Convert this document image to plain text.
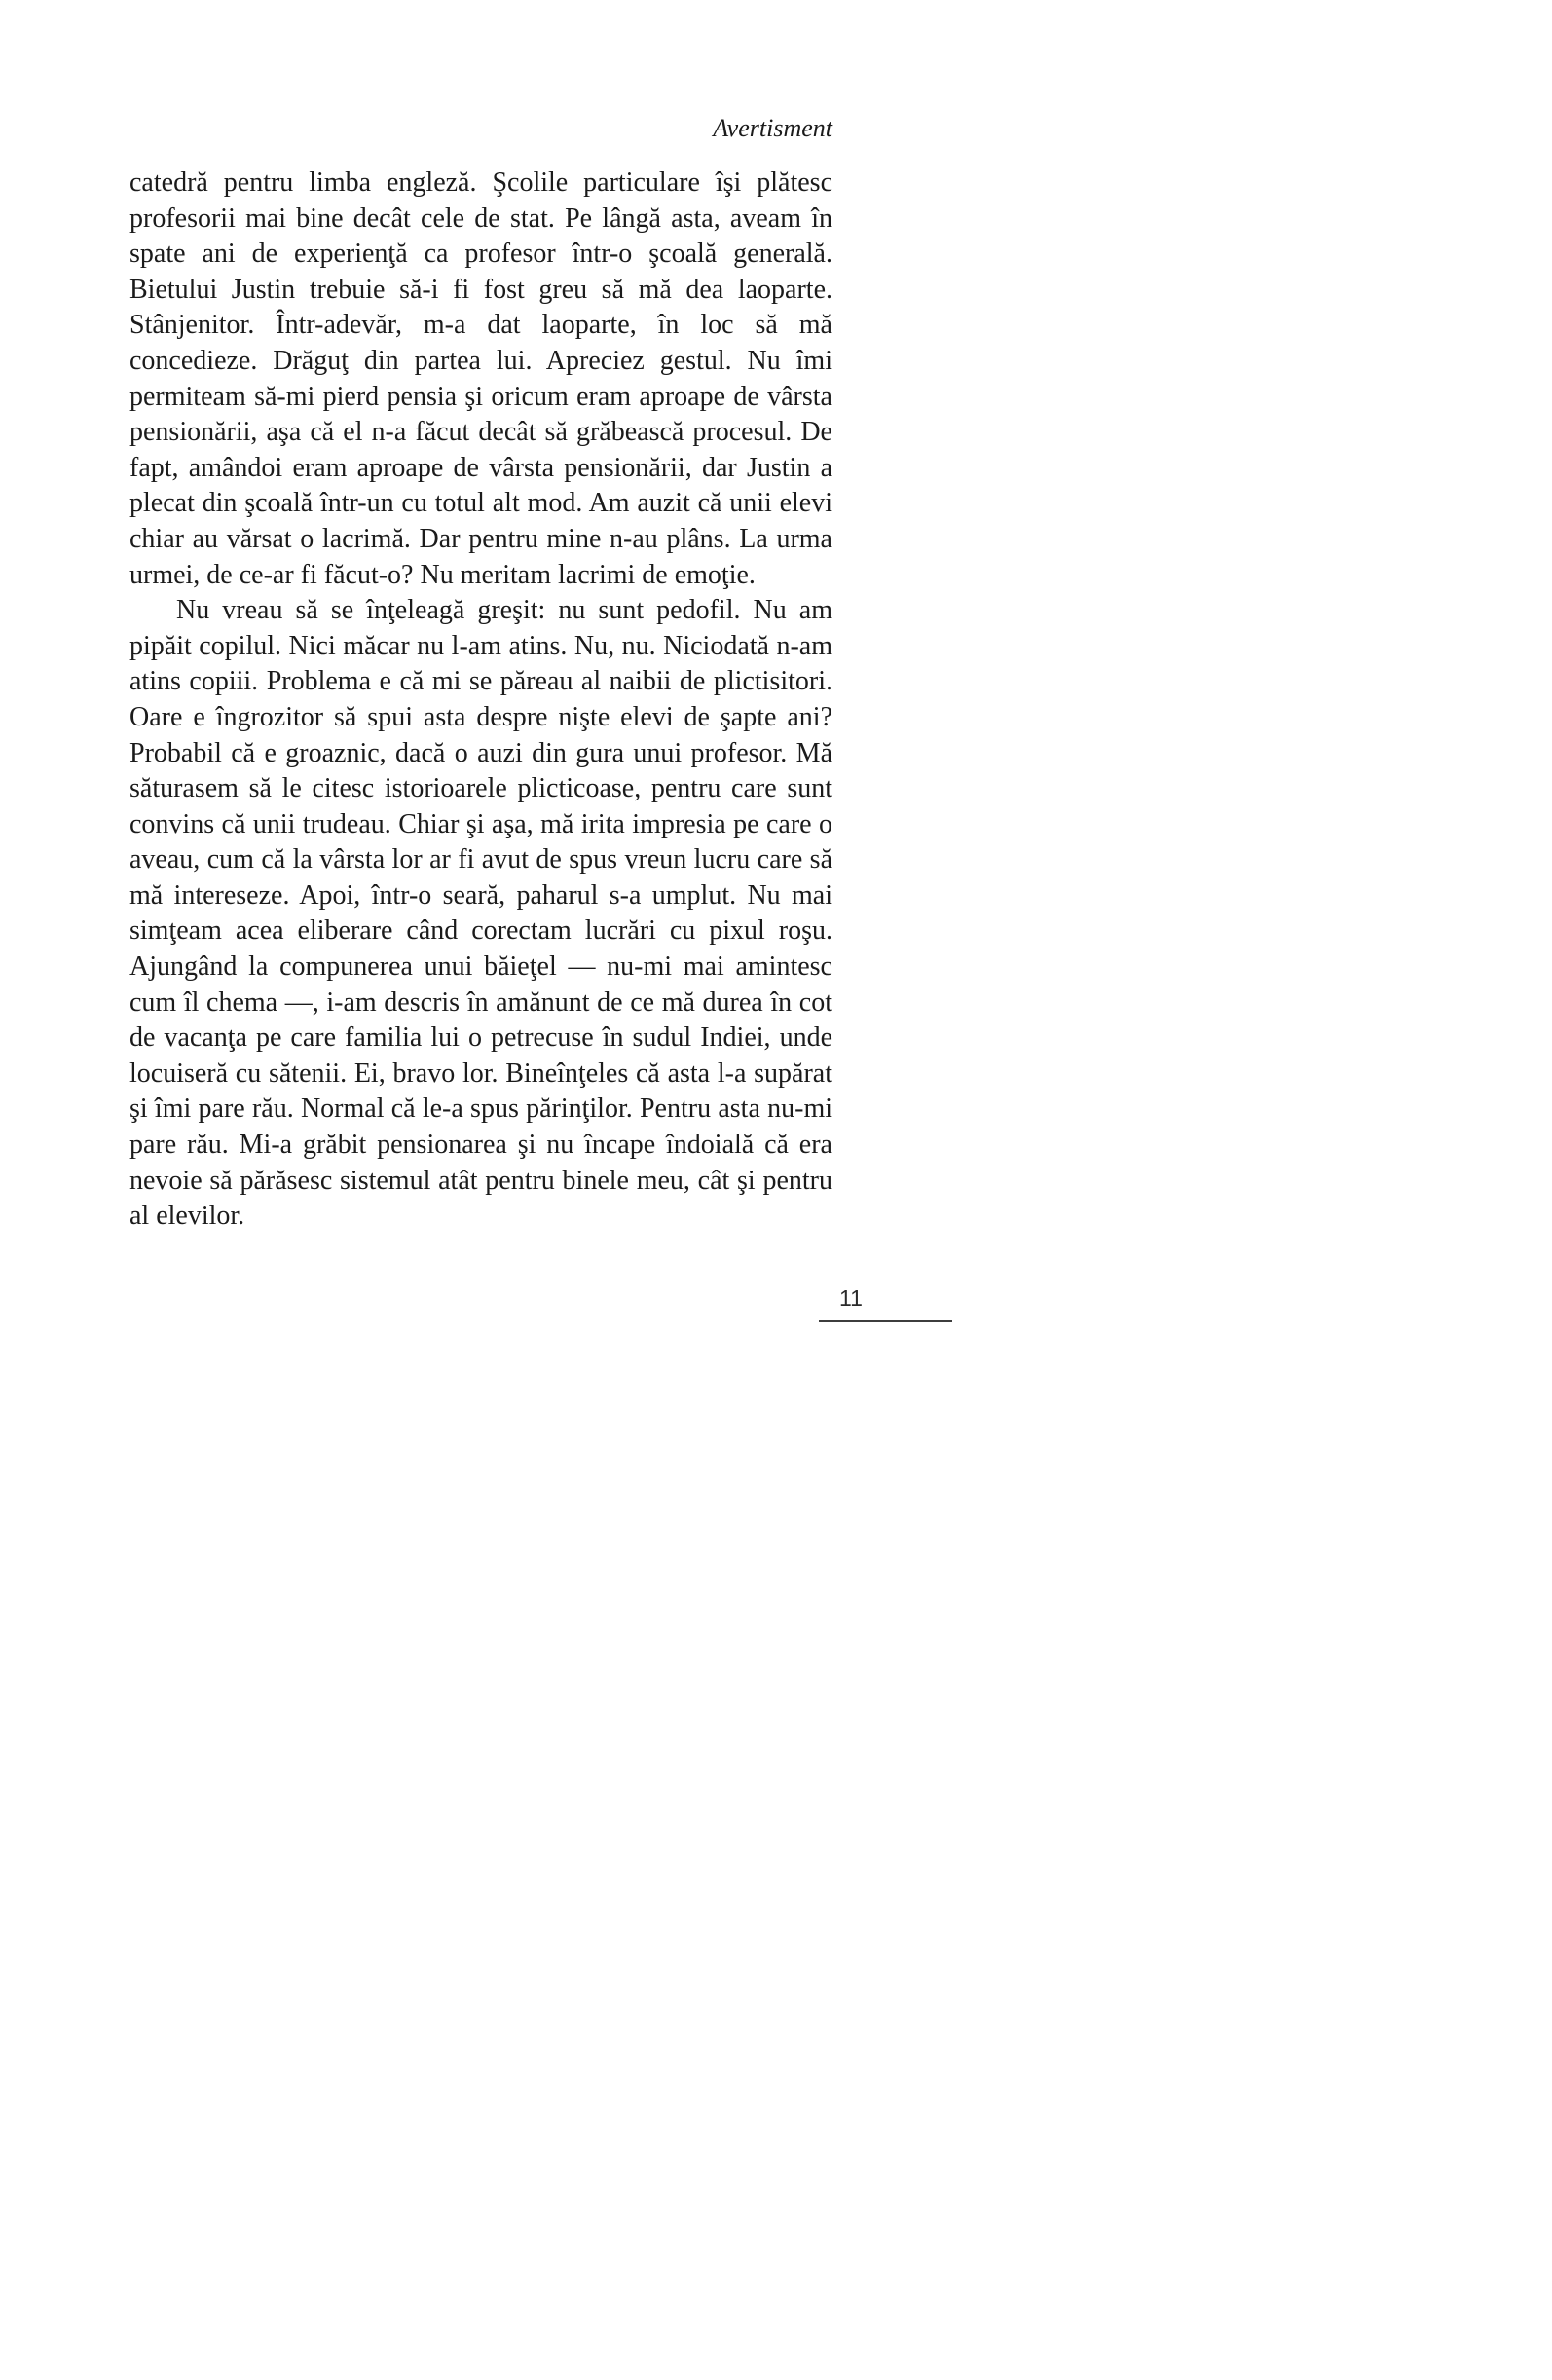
Avertisment

catedră pentru limba engleză. Şcolile particulare îşi plătesc profesorii mai bine decât cele de stat. Pe lângă asta, aveam în spate ani de experienţă ca profesor într-o şcoală generală. Bietului Justin trebuie să-i fi fost greu să mă dea laoparte. Stânjenitor. Într-adevăr, m-a dat laoparte, în loc să mă concedieze. Drăguţ din partea lui. Apreciez gestul. Nu îmi permiteam să-mi pierd pensia şi oricum eram aproape de vârsta pensionării, aşa că el n-a făcut decât să grăbească procesul. De fapt, amândoi eram aproape de vârsta pensionării, dar Justin a plecat din şcoală într-un cu totul alt mod. Am auzit că unii elevi chiar au vărsat o lacrimă. Dar pentru mine n-au plâns. La urma urmei, de ce-ar fi făcut-o? Nu meritam lacrimi de emoţie.

Nu vreau să se înţeleagă greşit: nu sunt pedofil. Nu am pipăit copilul. Nici măcar nu l-am atins. Nu, nu. Niciodată n-am atins copiii. Problema e că mi se păreau al naibii de plictisitori. Oare e îngrozitor să spui asta despre nişte elevi de şapte ani? Probabil că e groaznic, dacă o auzi din gura unui profesor. Mă săturasem să le citesc istorioarele plicticoase, pentru care sunt convins că unii trudeau. Chiar şi aşa, mă irita impresia pe care o aveau, cum că la vârsta lor ar fi avut de spus vreun lucru care să mă intereseze. Apoi, într-o seară, paharul s-a umplut. Nu mai simţeam acea eliberare când corectam lucrări cu pixul roşu. Ajungând la compunerea unui băieţel — nu-mi mai amintesc cum îl chema —, i-am descris în amănunt de ce mă durea în cot de vacanţa pe care familia lui o petrecuse în sudul Indiei, unde locuiseră cu sătenii. Ei, bravo lor. Bineînţeles că asta l-a supărat şi îmi pare rău. Normal că le-a spus părinţilor. Pentru asta nu-mi pare rău. Mi-a grăbit pensionarea şi nu încape îndoială că era nevoie să părăsesc sistemul atât pentru binele meu, cât şi pentru al elevilor.

11
